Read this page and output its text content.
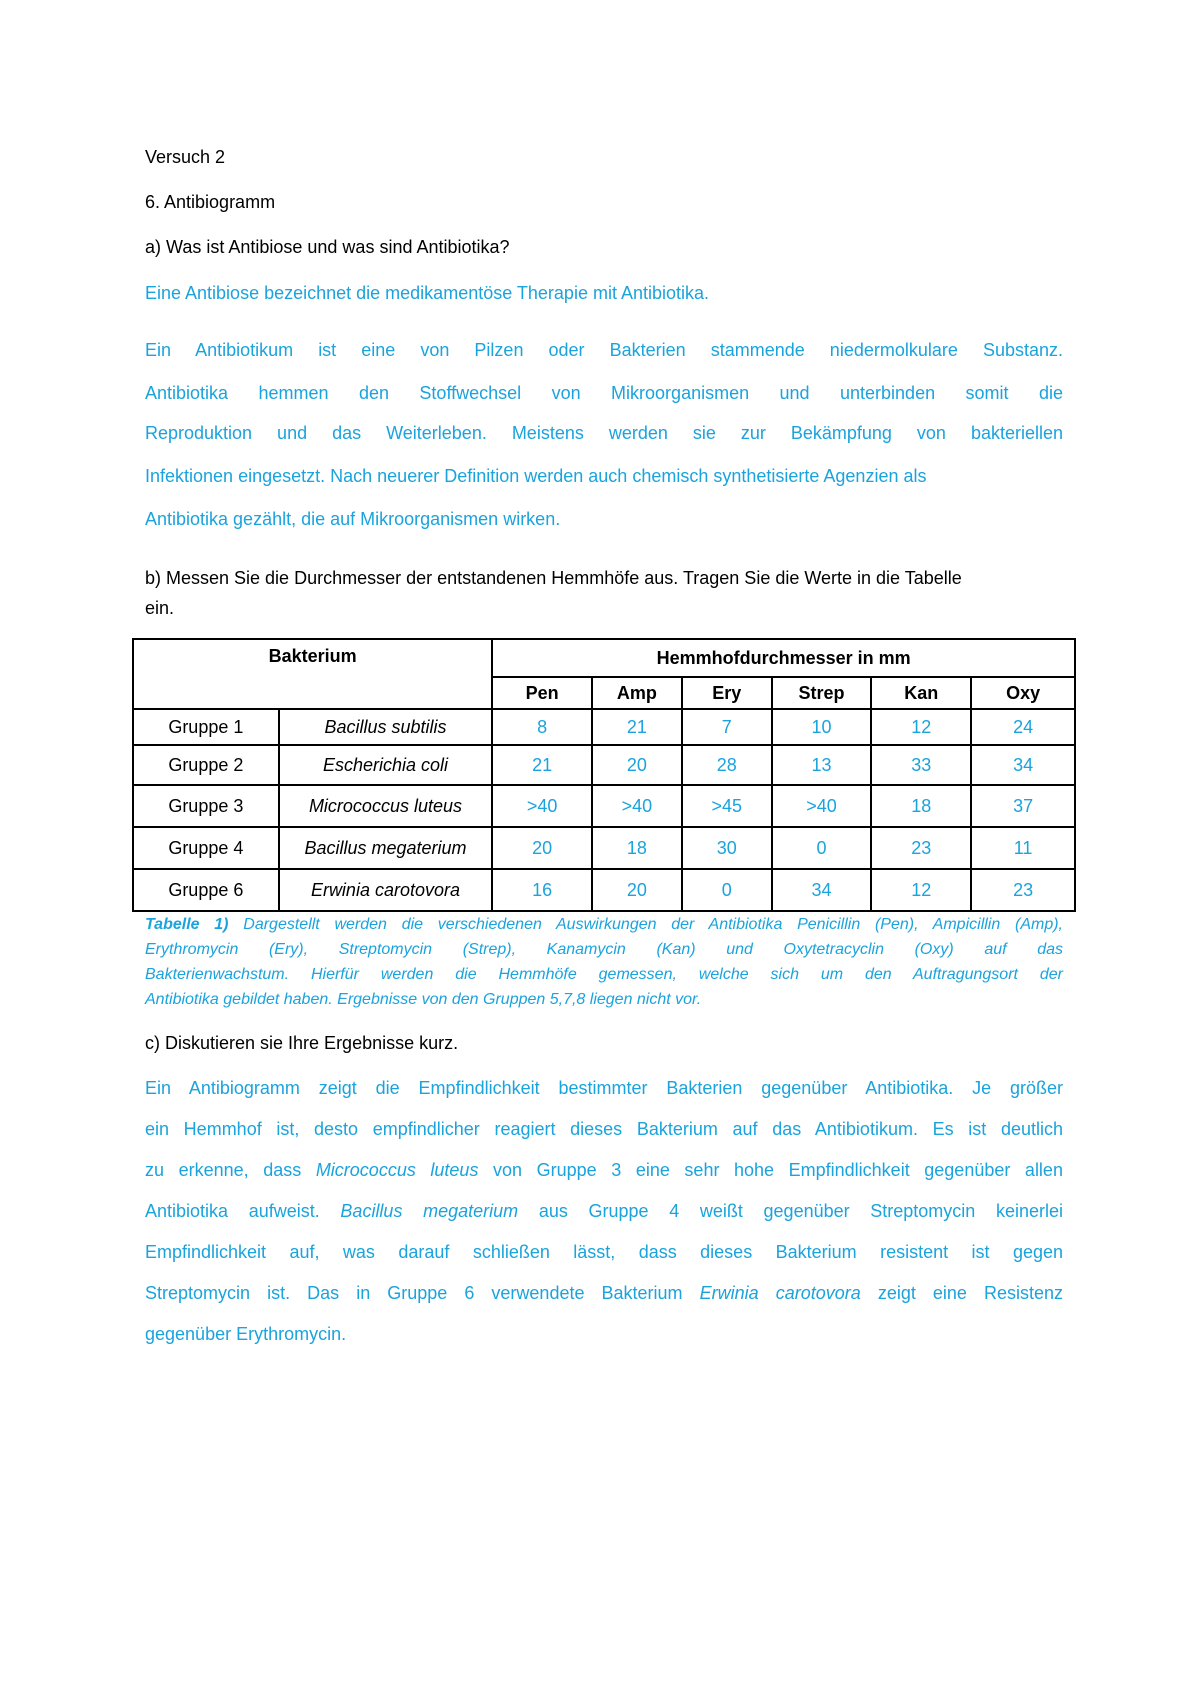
Versuch 2
6. Antibiogramm
a) Was ist Antibiose und was sind Antibiotika?
Eine Antibiose bezeichnet die medikamentöse Therapie mit Antibiotika.
Ein Antibiotikum ist eine von Pilzen oder Bakterien stammende niedermolkulare Substanz.
Antibiotika hemmen den Stoffwechsel von Mikroorganismen und unterbinden somit die
Reproduktion und das Weiterleben. Meistens werden sie zur Bekämpfung von bakteriellen
Infektionen eingesetzt. Nach neuerer Definition werden auch chemisch synthetisierte Agenzien als
Antibiotika gezählt, die auf Mikroorganismen wirken.
b) Messen Sie die Durchmesser der entstandenen Hemmhöfe aus. Tragen Sie die Werte in die Tabelle
ein.
Bakterium		Hemmhofdurchmesser in mm					
		Pen	Amp	Ery	Strep	Kan	Oxy
Gruppe 1	Bacillus subtilis	8	21	7	10	12	24
Gruppe 2	Escherichia coli	21	20	28	13	33	34
Gruppe 3	Micrococcus luteus	>40	>40	>45	>40	18	37
Gruppe 4	Bacillus megaterium	20	18	30	0	23	11
Gruppe 6	Erwinia carotovora	16	20	0	34	12	23
Tabelle 1) Dargestellt werden die verschiedenen Auswirkungen der Antibiotika Penicillin (Pen), Ampicillin (Amp),
Erythromycin (Ery), Streptomycin (Strep), Kanamycin (Kan) und Oxytetracyclin (Oxy) auf das
Bakterienwachstum. Hierfür werden die Hemmhöfe gemessen, welche sich um den Auftragungsort der
Antibiotika gebildet haben. Ergebnisse von den Gruppen 5,7,8 liegen nicht vor.
c) Diskutieren sie Ihre Ergebnisse kurz.
Ein Antibiogramm zeigt die Empfindlichkeit bestimmter Bakterien gegenüber Antibiotika. Je größer
ein Hemmhof ist, desto empfindlicher reagiert dieses Bakterium auf das Antibiotikum. Es ist deutlich
zu erkenne, dass Micrococcus luteus von Gruppe 3 eine sehr hohe Empfindlichkeit gegenüber allen
Antibiotika aufweist. Bacillus megaterium aus Gruppe 4 weißt gegenüber Streptomycin keinerlei
Empfindlichkeit auf, was darauf schließen lässt, dass dieses Bakterium resistent ist gegen
Streptomycin ist. Das in Gruppe 6 verwendete Bakterium Erwinia carotovora zeigt eine Resistenz
gegenüber Erythromycin.
